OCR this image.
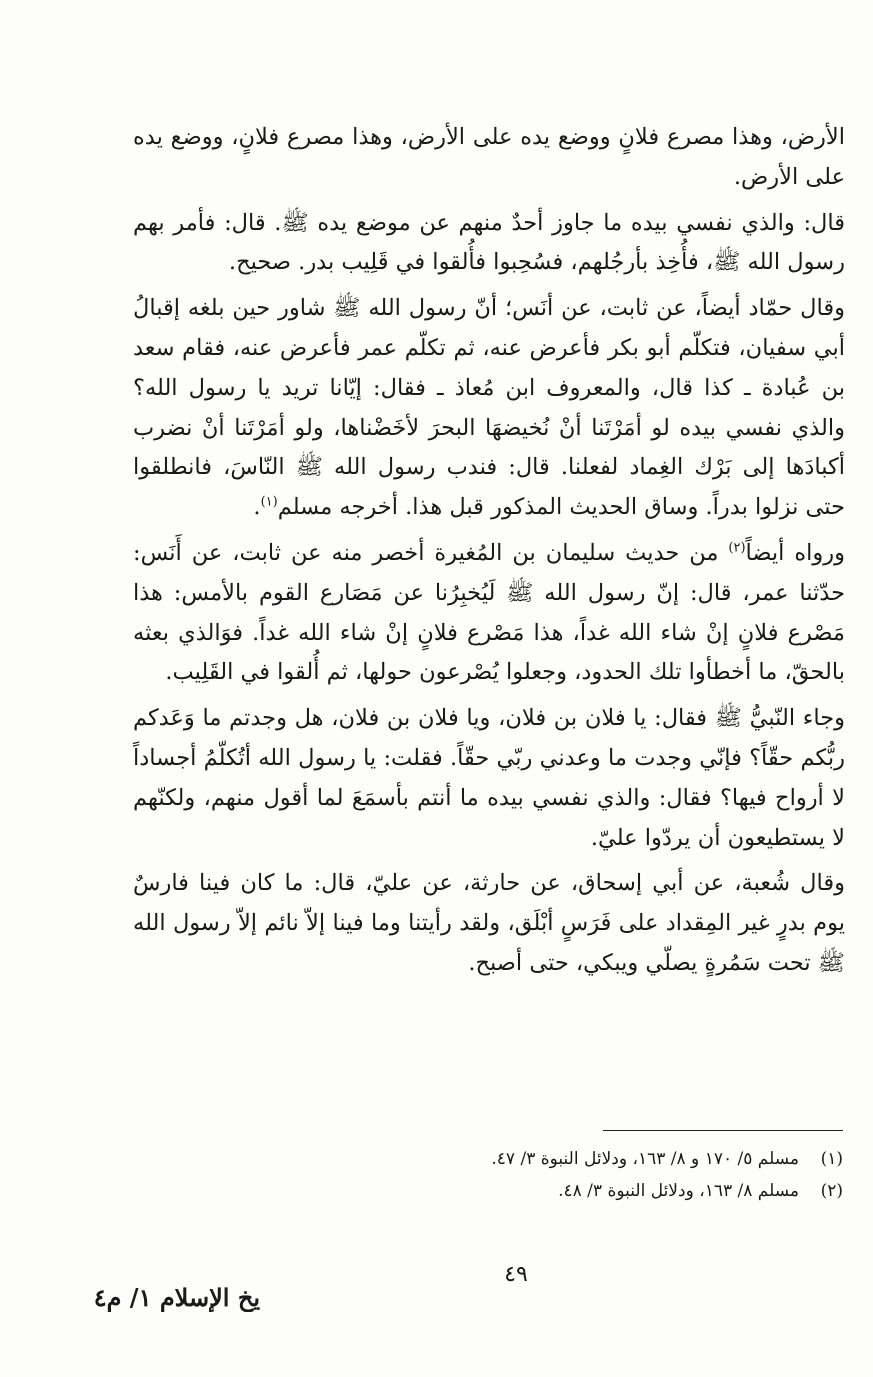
الأرض، وهذا مصرع فلانٍ ووضع يده على الأرض، وهذا مصرع فلانٍ، ووضع يده على الأرض.

قال: والذي نفسي بيده ما جاوز أحدٌ منهم عن موضع يده ﷺ. قال: فأمر بهم رسول الله ﷺ، فأُخِذ بأرجُلهم، فسُحِبوا فأُلقوا في قَلِيب بدر. صحيح.

وقال حمّاد أيضاً، عن ثابت، عن أنَس؛ أنّ رسول الله ﷺ شاور حين بلغه إقبالُ أبي سفيان، فتكلّم أبو بكر فأعرض عنه، ثم تكلّم عمر فأعرض عنه، فقام سعد بن عُبادة ـ كذا قال، والمعروف ابن مُعاذ ـ فقال: إيّانا تريد يا رسول الله؟ والذي نفسي بيده لو أمَرْتَنا أنْ نُخيضهَا البحرَ لأخَضْناها، ولو أمَرْتَنا أنْ نضرب أكبادَها إلى بَرْك الغِماد لفعلنا. قال: فندب رسول الله ﷺ النّاسَ، فانطلقوا حتى نزلوا بدراً. وساق الحديث المذكور قبل هذا. أخرجه مسلم$^{(١)}$.

ورواه أيضاً$^{(٢)}$ من حديث سليمان بن المُغيرة أخصر منه عن ثابت، عن أَنَس: حدّثنا عمر، قال: إنّ رسول الله ﷺ لَيُخبِرُنا عن مَصَارع القوم بالأمس: هذا مَصْرع فلانٍ إنْ شاء الله غداً، هذا مَصْرع فلانٍ إنْ شاء الله غداً. فوَالذي بعثه بالحقّ، ما أخطأوا تلك الحدود، وجعلوا يُصْرعون حولها، ثم أُلقوا في القَلِيب.

وجاء النّبيُّ ﷺ فقال: يا فلان بن فلان، ويا فلان بن فلان، هل وجدتم ما وَعَدكم ربُّكم حقّاً؟ فإنّي وجدت ما وعدني ربّي حقّاً. فقلت: يا رسول الله أتُكلّمُ أجساداً لا أرواح فيها؟ فقال: والذي نفسي بيده ما أنتم بأسمَعَ لما أقول منهم، ولكنّهم لا يستطيعون أن يردّوا عليّ.

وقال شُعبة، عن أبي إسحاق، عن حارثة، عن عليّ، قال: ما كان فينا فارسٌ يوم بدرٍ غير المِقداد على فَرَسٍ أبْلَق، ولقد رأيتنا وما فينا إلاّ نائم إلاّ رسول الله ﷺ تحت سَمُرةٍ يصلّي ويبكي، حتى أصبح.

(١)
مسلم ٥/ ١٧٠ و ٨/ ١٦٣، ودلائل النبوة ٣/ ٤٧.
(٢)
مسلم ٨/ ١٦٣، ودلائل النبوة ٣/ ٤٨.
٤٩
يخ الإسلام ١/ م٤
